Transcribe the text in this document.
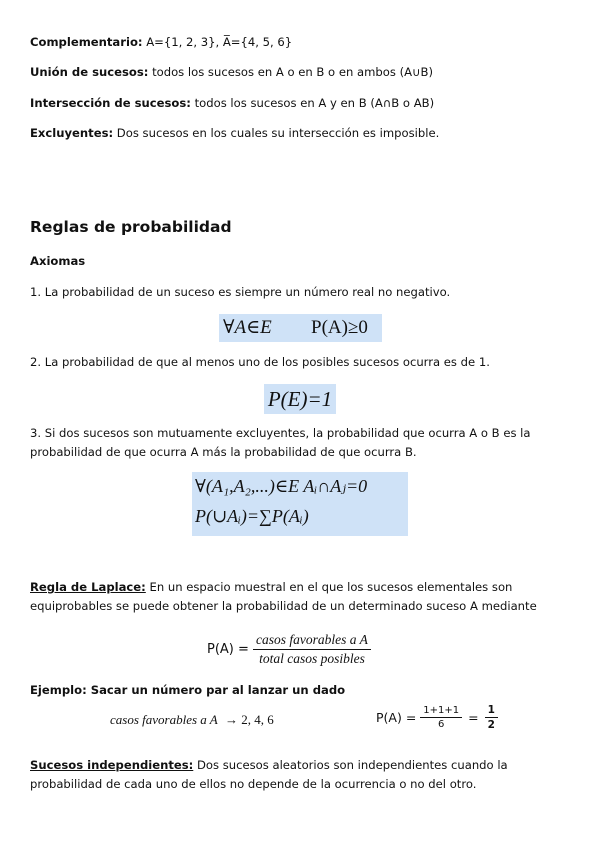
Complementario: A={1, 2, 3}, A̅={4, 5, 6}
Unión de sucesos: todos los sucesos en A o en B o en ambos (A∪B)
Intersección de sucesos: todos los sucesos en A y en B (A∩B o AB)
Excluyentes: Dos sucesos en los cuales su intersección es imposible.
Reglas de probabilidad
Axiomas
1. La probabilidad de un suceso es siempre un número real no negativo.
∀A∈E P(A)≥0
2. La probabilidad de que al menos uno de los posibles sucesos ocurra es de 1.
P(E)=1
3. Si dos sucesos son mutuamente excluyentes, la probabilidad que ocurra A o B es la probabilidad de que ocurra A más la probabilidad de que ocurra B.
∀(A₁,A₂,...)∈E Aᵢ∩Aⱼ=0
P(∪Aᵢ)=∑P(Aᵢ)
Regla de Laplace: En un espacio muestral en el que los sucesos elementales son equiprobables se puede obtener la probabilidad de un determinado suceso A mediante
$P(A) = \frac{\text{casos favorables a A}}{\text{total casos posibles}}$
Ejemplo: Sacar un número par al lanzar un dado
casos favorables a A → 2, 4, 6	$P(A) = \frac{1+1+1}{6} = \frac{1}{2}$
Sucesos independientes: Dos sucesos aleatorios son independientes cuando la probabilidad de cada uno de ellos no depende de la ocurrencia o no del otro.
